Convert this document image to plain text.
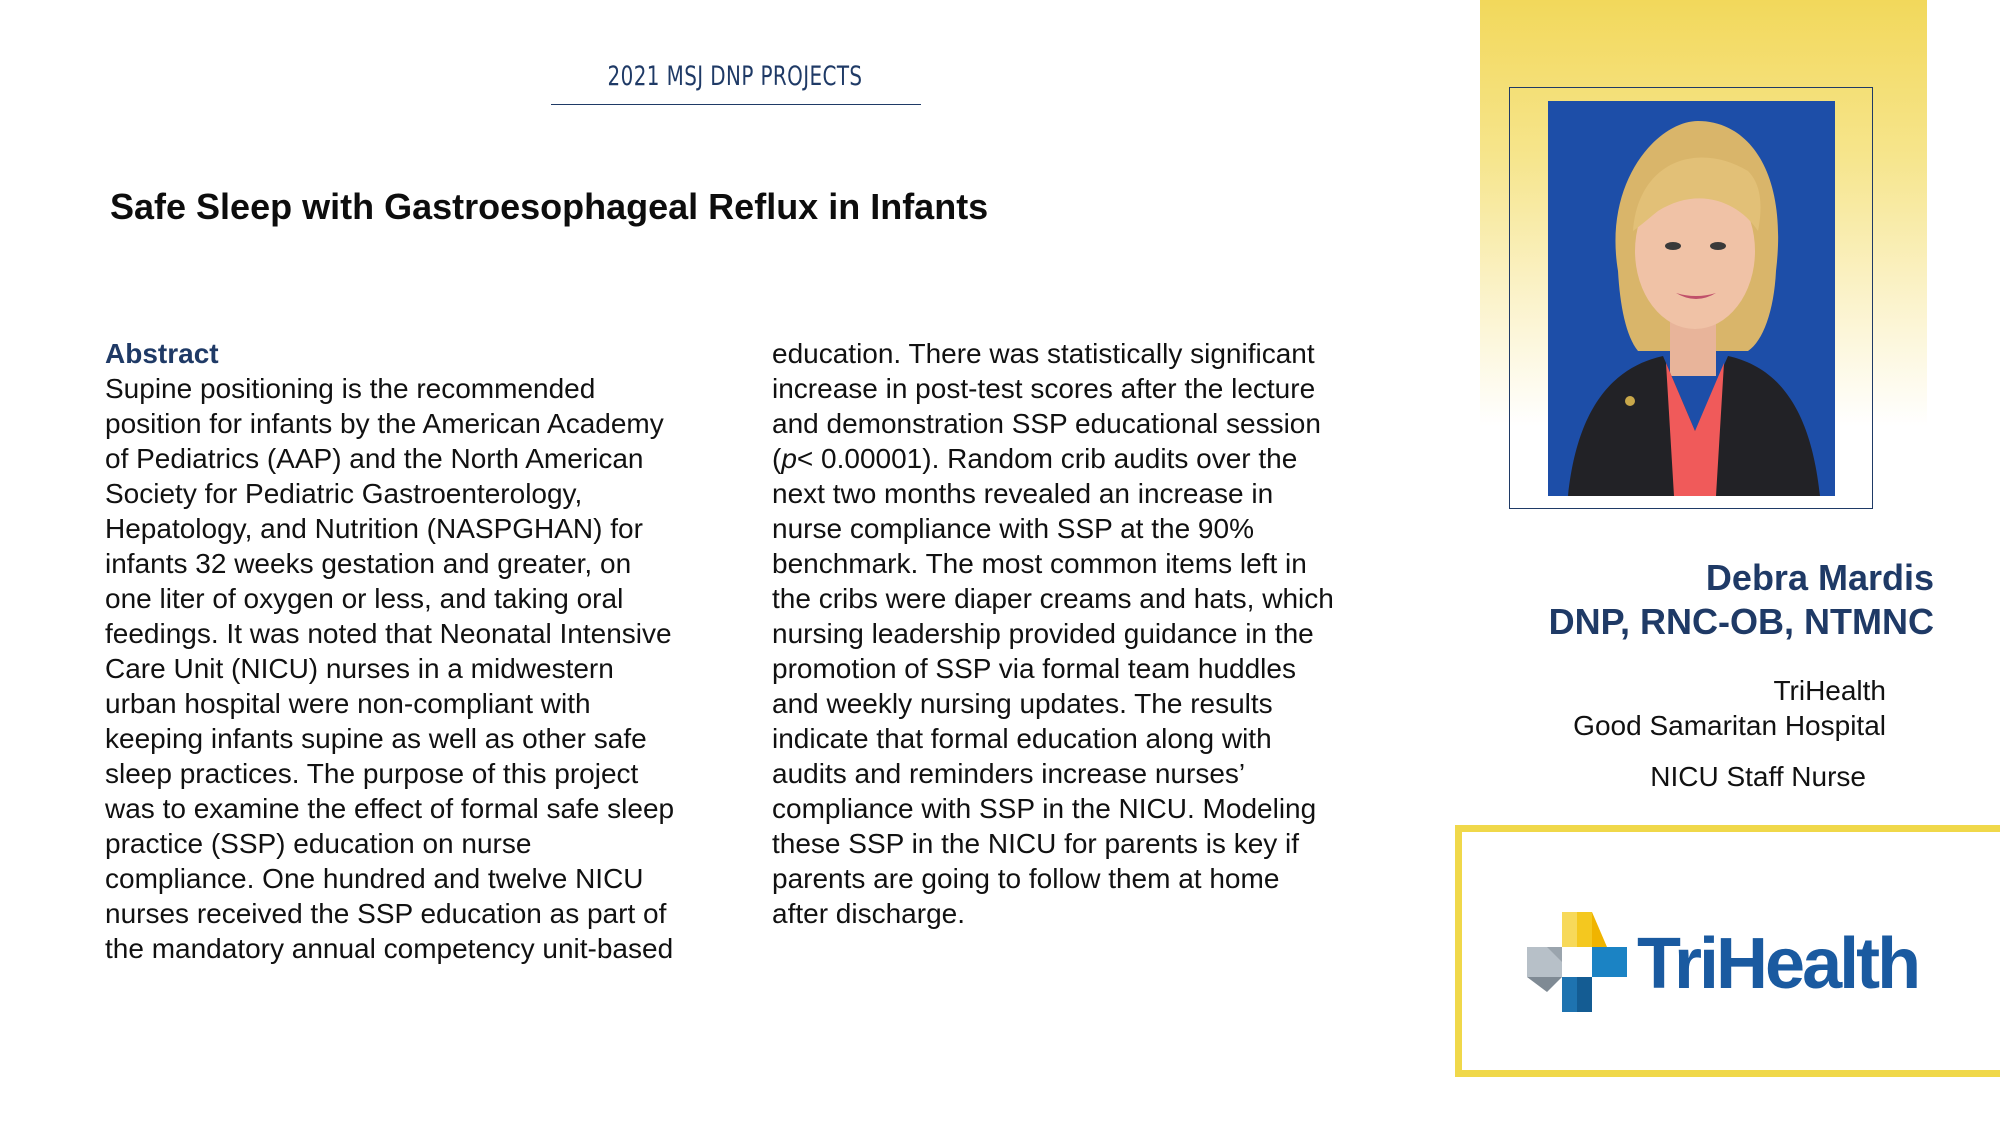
2021 MSJ DNP PROJECTS
Safe Sleep with Gastroesophageal Reflux in Infants
Abstract
Supine positioning is the recommended
position for infants by the American Academy
of Pediatrics (AAP) and the North American
Society for Pediatric Gastroenterology,
Hepatology, and Nutrition (NASPGHAN) for
infants 32 weeks gestation and greater, on
one liter of oxygen or less, and taking oral
feedings. It was noted that Neonatal Intensive
Care Unit (NICU) nurses in a midwestern
urban hospital were non-compliant with
keeping infants supine as well as other safe
sleep practices. The purpose of this project
was to examine the effect of formal safe sleep
practice (SSP) education on nurse
compliance. One hundred and twelve NICU
nurses received the SSP education as part of
the mandatory annual competency unit-based
education. There was statistically significant
increase in post-test scores after the lecture
and demonstration SSP educational session
(p< 0.00001). Random crib audits over the
next two months revealed an increase in
nurse compliance with SSP at the 90%
benchmark. The most common items left in
the cribs were diaper creams and hats, which
nursing leadership provided guidance in the
promotion of SSP via formal team huddles
and weekly nursing updates. The results
indicate that formal education along with
audits and reminders increase nurses’
compliance with SSP in the NICU. Modeling
these SSP in the NICU for parents is key if
parents are going to follow them at home
after discharge.
Debra Mardis
DNP, RNC-OB, NTMNC
TriHealth
Good Samaritan Hospital
NICU Staff Nurse
TriHealth
